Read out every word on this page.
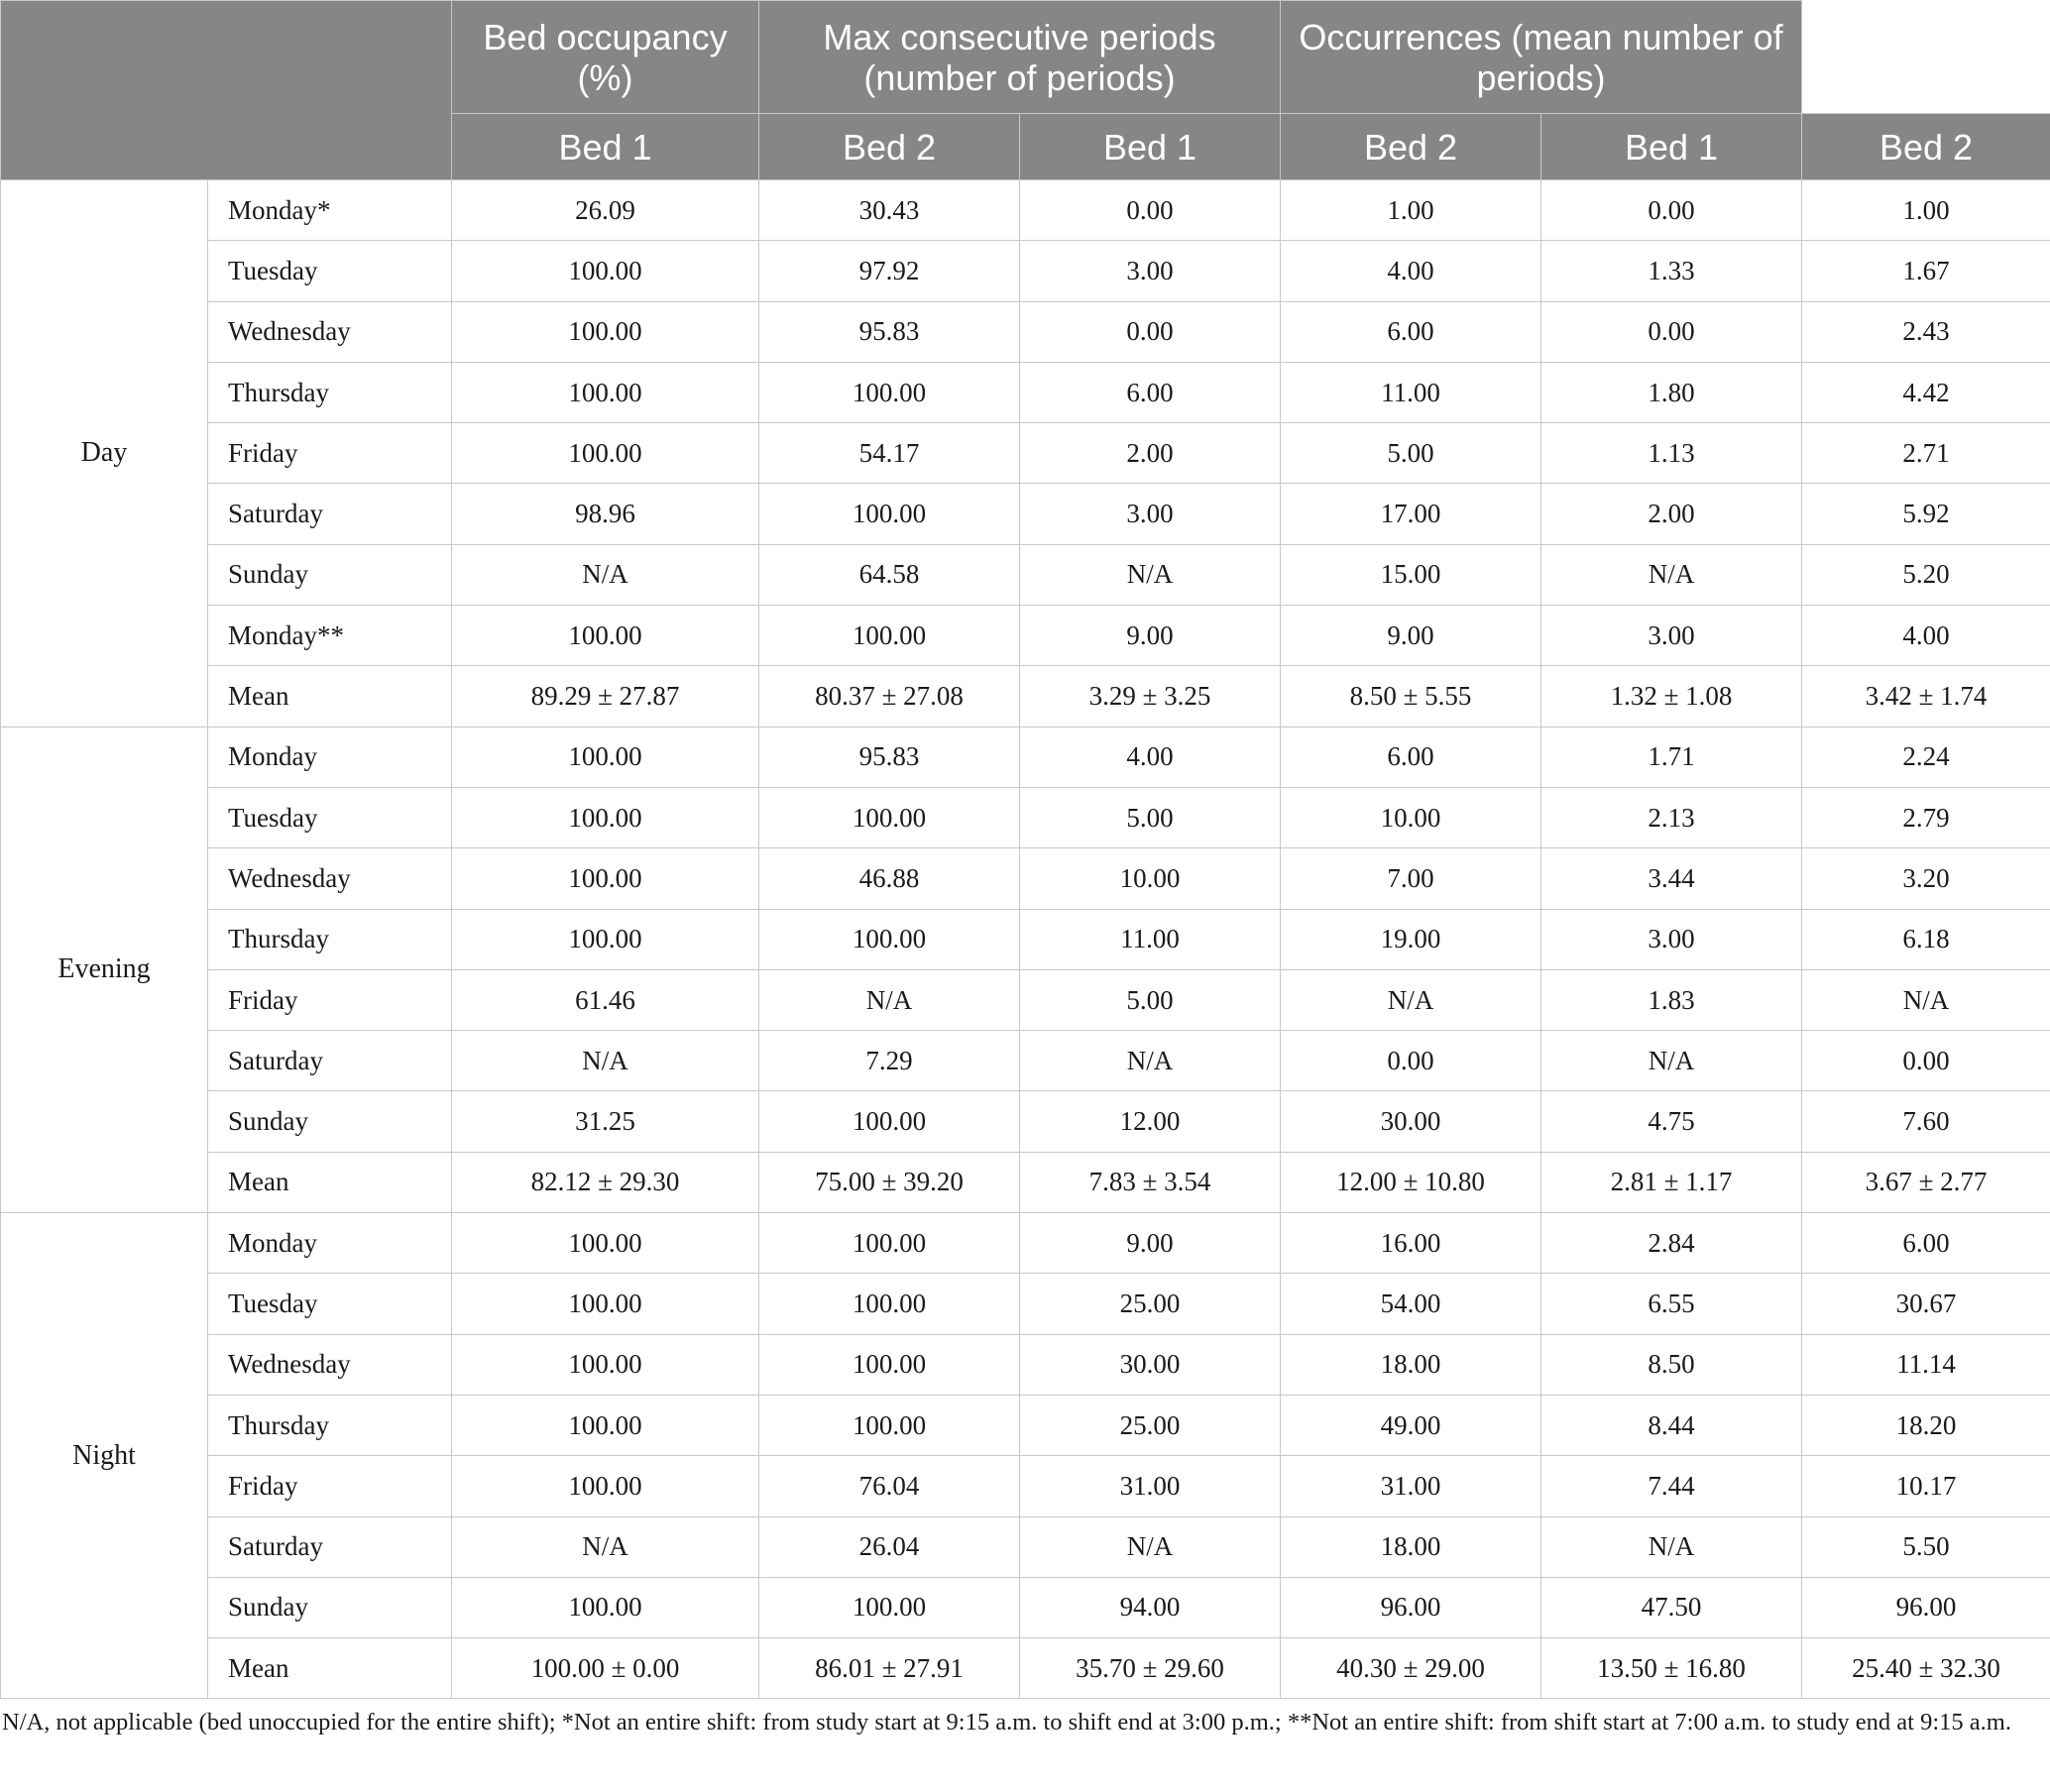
		Bed occupancy (%)	Max consecutive periods (number of periods)		Occurrences (mean number of periods)		
		Bed 1	Bed 2	Bed 1	Bed 2	Bed 1	Bed 2
Day	Monday*	26.09	30.43	0.00	1.00	0.00	1.00
	Tuesday	100.00	97.92	3.00	4.00	1.33	1.67
	Wednesday	100.00	95.83	0.00	6.00	0.00	2.43
	Thursday	100.00	100.00	6.00	11.00	1.80	4.42
	Friday	100.00	54.17	2.00	5.00	1.13	2.71
	Saturday	98.96	100.00	3.00	17.00	2.00	5.92
	Sunday	N/A	64.58	N/A	15.00	N/A	5.20
	Monday**	100.00	100.00	9.00	9.00	3.00	4.00
	Mean	89.29 ± 27.87	80.37 ± 27.08	3.29 ± 3.25	8.50 ± 5.55	1.32 ± 1.08	3.42 ± 1.74
Evening	Monday	100.00	95.83	4.00	6.00	1.71	2.24
	Tuesday	100.00	100.00	5.00	10.00	2.13	2.79
	Wednesday	100.00	46.88	10.00	7.00	3.44	3.20
	Thursday	100.00	100.00	11.00	19.00	3.00	6.18
	Friday	61.46	N/A	5.00	N/A	1.83	N/A
	Saturday	N/A	7.29	N/A	0.00	N/A	0.00
	Sunday	31.25	100.00	12.00	30.00	4.75	7.60
	Mean	82.12 ± 29.30	75.00 ± 39.20	7.83 ± 3.54	12.00 ± 10.80	2.81 ± 1.17	3.67 ± 2.77
Night	Monday	100.00	100.00	9.00	16.00	2.84	6.00
	Tuesday	100.00	100.00	25.00	54.00	6.55	30.67
	Wednesday	100.00	100.00	30.00	18.00	8.50	11.14
	Thursday	100.00	100.00	25.00	49.00	8.44	18.20
	Friday	100.00	76.04	31.00	31.00	7.44	10.17
	Saturday	N/A	26.04	N/A	18.00	N/A	5.50
	Sunday	100.00	100.00	94.00	96.00	47.50	96.00
	Mean	100.00 ± 0.00	86.01 ± 27.91	35.70 ± 29.60	40.30 ± 29.00	13.50 ± 16.80	25.40 ± 32.30
N/A, not applicable (bed unoccupied for the entire shift); *Not an entire shift: from study start at 9:15 a.m. to shift end at 3:00 p.m.; **Not an entire shift: from shift start at 7:00 a.m. to study end at 9:15 a.m.
